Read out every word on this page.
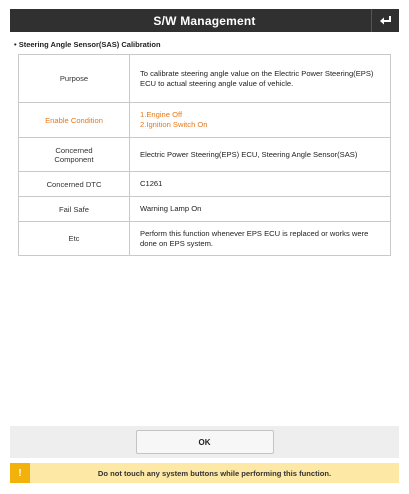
S/W Management
• Steering Angle Sensor(SAS) Calibration
Purpose	To calibrate steering angle value on the Electric Power Steering(EPS) ECU to actual steering angle value of vehicle.
Enable Condition	1.Engine Off
2.Ignition Switch On

Concerned
Component	Electric Power Steering(EPS) ECU, Steering Angle Sensor(SAS)
Concerned DTC	C1261
Fail Safe	Warning Lamp On
Etc	Perform this function whenever EPS ECU is replaced or works were done on EPS system.
OK
!	Do not touch any system buttons while performing this function.
